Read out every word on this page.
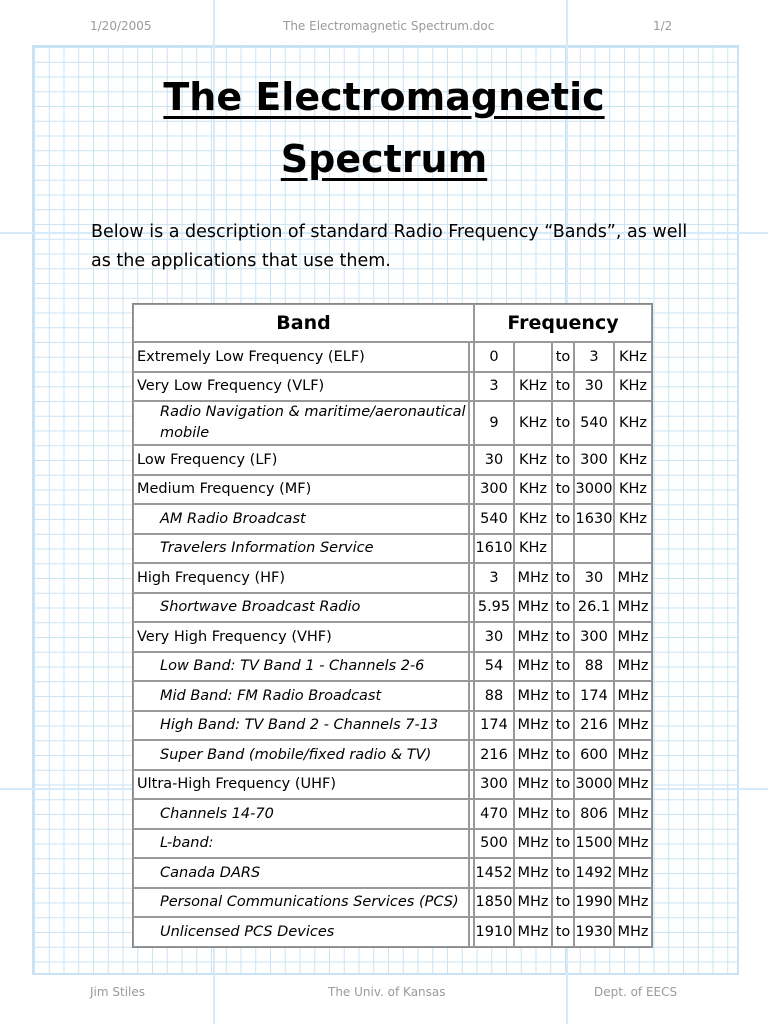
1/20/2005	The Electromagnetic Spectrum.doc	1/2
The Electromagnetic
Spectrum
Below is a description of standard Radio Frequency “Bands”, as well as the applications that use them.
Band		Frequency				
Extremely Low Frequency (ELF)		0		to	3	KHz
Very Low Frequency (VLF)		3	KHz	to	30	KHz
Radio Navigation & maritime/aeronautical mobile		9	KHz	to	540	KHz
Low Frequency (LF)		30	KHz	to	300	KHz
Medium Frequency (MF)		300	KHz	to	3000	KHz
AM Radio Broadcast		540	KHz	to	1630	KHz
Travelers Information Service		1610	KHz			
High Frequency (HF)		3	MHz	to	30	MHz
Shortwave Broadcast Radio		5.95	MHz	to	26.1	MHz
Very High Frequency (VHF)		30	MHz	to	300	MHz
Low Band: TV Band 1 - Channels 2-6		54	MHz	to	88	MHz
Mid Band: FM Radio Broadcast		88	MHz	to	174	MHz
High Band: TV Band 2 - Channels 7-13		174	MHz	to	216	MHz
Super Band (mobile/fixed radio & TV)		216	MHz	to	600	MHz
Ultra-High Frequency (UHF)		300	MHz	to	3000	MHz
Channels 14-70		470	MHz	to	806	MHz
L-band:		500	MHz	to	1500	MHz
Canada DARS		1452	MHz	to	1492	MHz
Personal Communications Services (PCS)		1850	MHz	to	1990	MHz
Unlicensed PCS Devices		1910	MHz	to	1930	MHz
Jim Stiles	The Univ. of Kansas	Dept. of EECS
